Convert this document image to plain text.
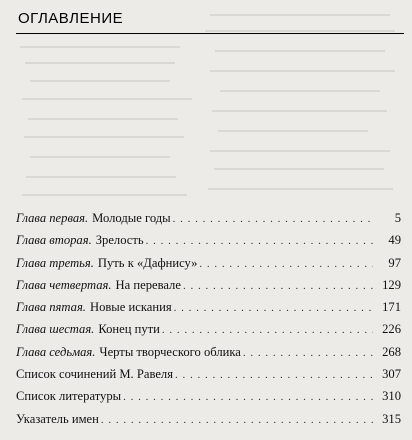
ОГЛАВЛЕНИЕ
Глава первая. Молодые годы . . .	5
Глава вторая. Зрелость . . .	49
Глава третья. Путь к «Дафнису» . . .	97
Глава четвертая. На перевале . . .	129
Глава пятая. Новые искания . . .	171
Глава шестая. Конец пути . . .	226
Глава седьмая. Черты творческого облика . . .	268
Список сочинений М. Равеля . . .	307
Список литературы . . .	310
Указатель имен . . .	315
